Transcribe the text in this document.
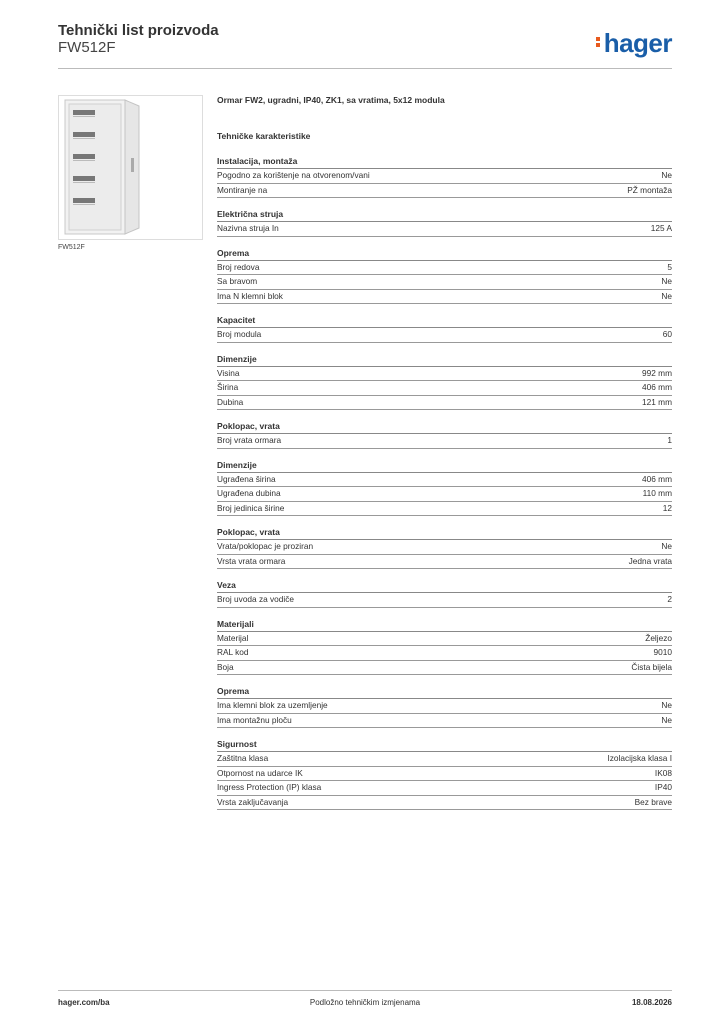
Tehnički list proizvoda
FW512F	hager
FW512F
Ormar FW2, ugradni, IP40, ZK1, sa vratima, 5x12 modula
Tehničke karakteristike
Instalacija, montaža
Pogodno za korištenje na otvorenom/vani	Ne
Montiranje na	PŽ montaža
Električna struja
Nazivna struja In	125 A
Oprema
Broj redova	5
Sa bravom	Ne
Ima N klemni blok	Ne
Kapacitet
Broj modula	60
Dimenzije
Visina	992 mm
Širina	406 mm
Dubina	121 mm
Poklopac, vrata
Broj vrata ormara	1
Dimenzije
Ugrađena širina	406 mm
Ugrađena dubina	110 mm
Broj jedinica širine	12
Poklopac, vrata
Vrata/poklopac je proziran	Ne
Vrsta vrata ormara	Jedna vrata
Veza
Broj uvoda za vodiče	2
Materijali
Materijal	Željezo
RAL kod	9010
Boja	Čista bijela
Oprema
Ima klemni blok za uzemljenje	Ne
Ima montažnu ploču	Ne
Sigurnost
Zaštitna klasa	Izolacijska klasa I
Otpornost na udarce IK	IK08
Ingress Protection (IP) klasa	IP40
Vrsta zaključavanja	Bez brave
hager.com/ba	Podložno tehničkim izmjenama	18.08.2026
